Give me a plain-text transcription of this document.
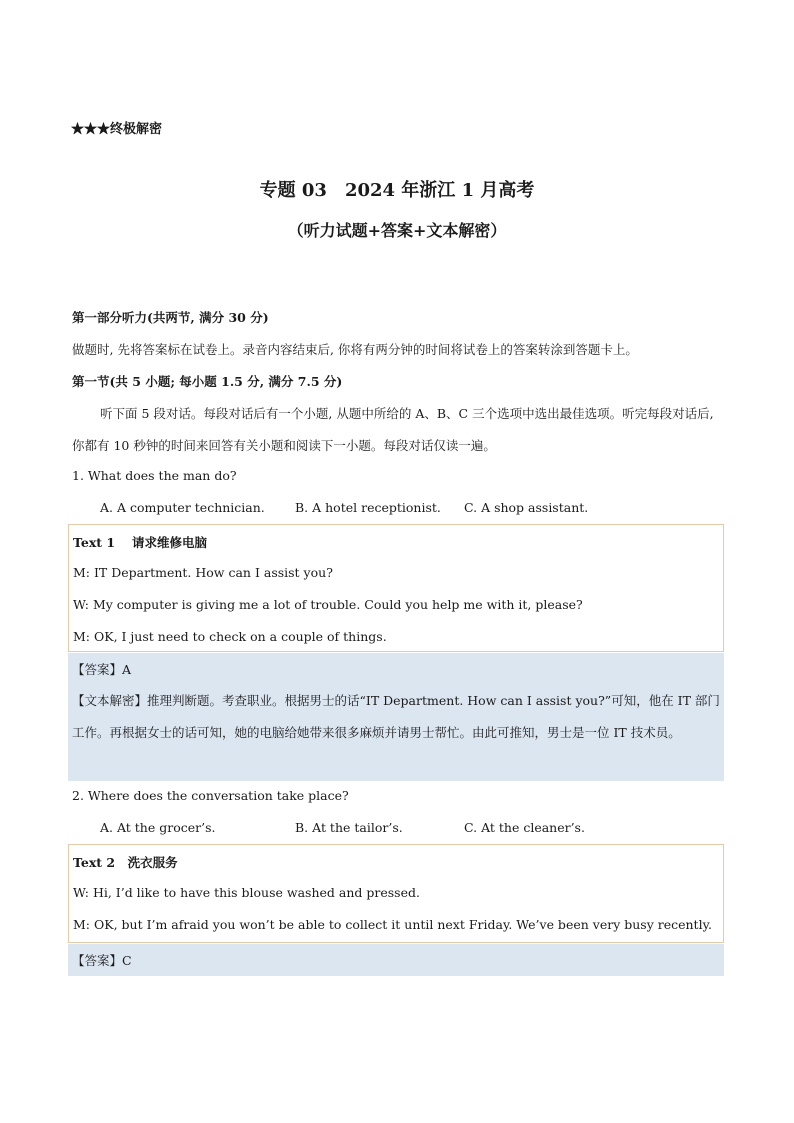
★★★终极解密
专题 03　2024 年浙江 1 月高考
（听力试题+答案+文本解密）
第一部分听力(共两节, 满分 30 分)
做题时, 先将答案标在试卷上。录音内容结束后, 你将有两分钟的时间将试卷上的答案转涂到答题卡上。
第一节(共 5 小题; 每小题 1.5 分, 满分 7.5 分)
听下面 5 段对话。每段对话后有一个小题, 从题中所给的 A、B、C 三个选项中选出最佳选项。听完每段对话后, 你都有 10 秒钟的时间来回答有关小题和阅读下一小题。每段对话仅读一遍。
1. What does the man do?
A. A computer technician. B. A hotel receptionist. C. A shop assistant.
Text 1　 请求维修电脑
M: IT Department. How can I assist you?
W: My computer is giving me a lot of trouble. Could you help me with it, please?
M: OK, I just need to check on a couple of things.
【答案】A
【文本解密】推理判断题。考查职业。根据男士的话“IT Department. How can I assist you?”可知，他在 IT 部门工作。再根据女士的话可知，她的电脑给她带来很多麻烦并请男士帮忙。由此可推知，男士是一位 IT 技术员。
2. Where does the conversation take place?
A. At the grocer’s.	B. At the tailor’s.	C. At the cleaner’s.
Text 2　洗衣服务
W: Hi, I’d like to have this blouse washed and pressed.
M: OK, but I’m afraid you won’t be able to collect it until next Friday. We’ve been very busy recently.
【答案】C
